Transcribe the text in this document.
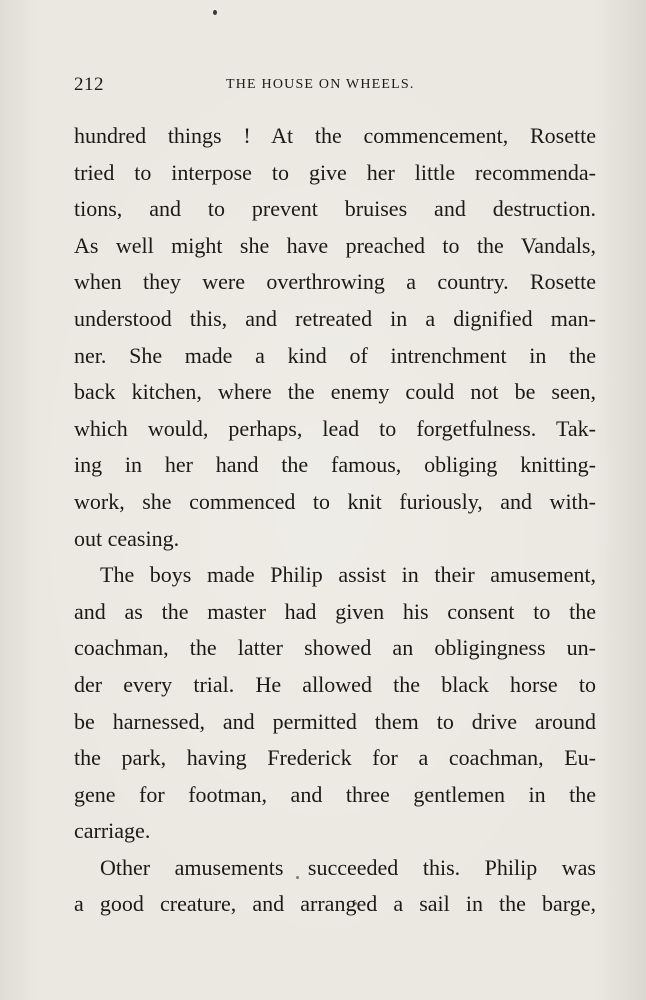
212	THE HOUSE ON WHEELS.
hundred things ! At the commencement, Rosette
tried to interpose to give her little recommenda-
tions, and to prevent bruises and destruction.
As well might she have preached to the Vandals,
when they were overthrowing a country. Rosette
understood this, and retreated in a dignified man-
ner. She made a kind of intrenchment in the
back kitchen, where the enemy could not be seen,
which would, perhaps, lead to forgetfulness. Tak-
ing in her hand the famous, obliging knitting-
work, she commenced to knit furiously, and with-
out ceasing.
The boys made Philip assist in their amusement,
and as the master had given his consent to the
coachman, the latter showed an obligingness un-
der every trial. He allowed the black horse to
be harnessed, and permitted them to drive around
the park, having Frederick for a coachman, Eu-
gene for footman, and three gentlemen in the
carriage.
Other amusements succeeded this. Philip was
a good creature, and arranged a sail in the barge,
